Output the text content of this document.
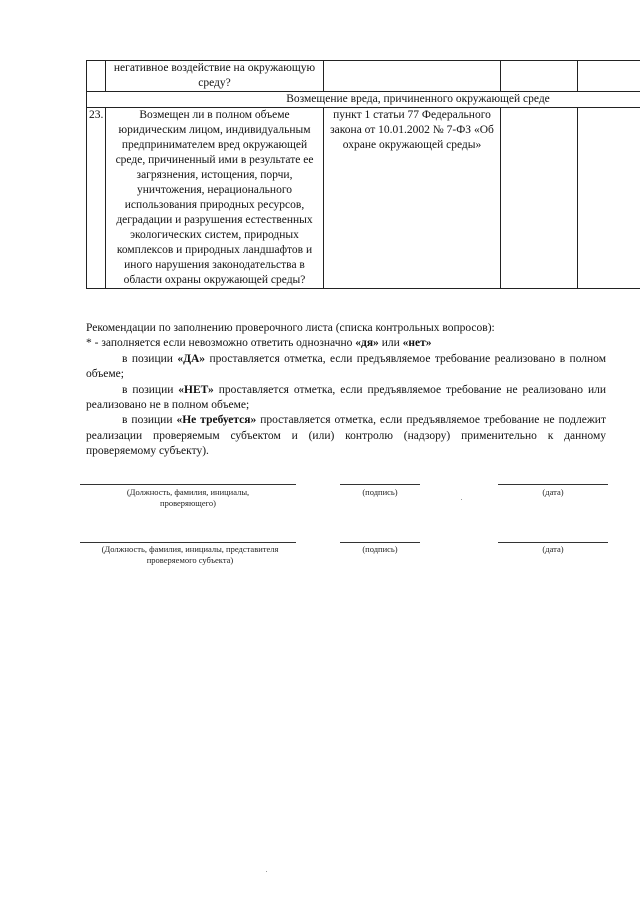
	негативное воздействие на окружающую среду?			
Возмещение вреда, причиненного окружающей среде				
23.	Возмещен ли в полном объеме юридическим лицом, индивидуальным предпринимателем вред окружающей среде, причиненный ими в результате ее загрязнения, истощения, порчи, уничтожения, нерационального использования природных ресурсов, деградации и разрушения естественных экологических систем, природных комплексов и природных ландшафтов и иного нарушения законодательства в области охраны окружающей среды?	пункт 1 статьи 77 Федерального закона от 10.01.2002 № 7-ФЗ «Об охране окружающей среды»		

Рекомендации по заполнению проверочного листа (списка контрольных вопросов):

* - заполняется если невозможно ответить однозначно «дя» или «нет»

в позиции «ДА» проставляется отметка, если предъявляемое требование реализовано в полном объеме;

в позиции «НЕТ» проставляется отметка, если предъявляемое требование не реализовано или реализовано не в полном объеме;

в позиции «Не требуется» проставляется отметка, если предъявляемое требование не подлежит реализации проверяемым субъектом и (или) контролю (надзору) применительно к данному проверяемому субъекту).

(Должность, фамилия, инициалы, проверяющего)
(подпись)	(дата)
(Должность, фамилия, инициалы, представителя проверяемого субъекта)
(подпись)	(дата)
